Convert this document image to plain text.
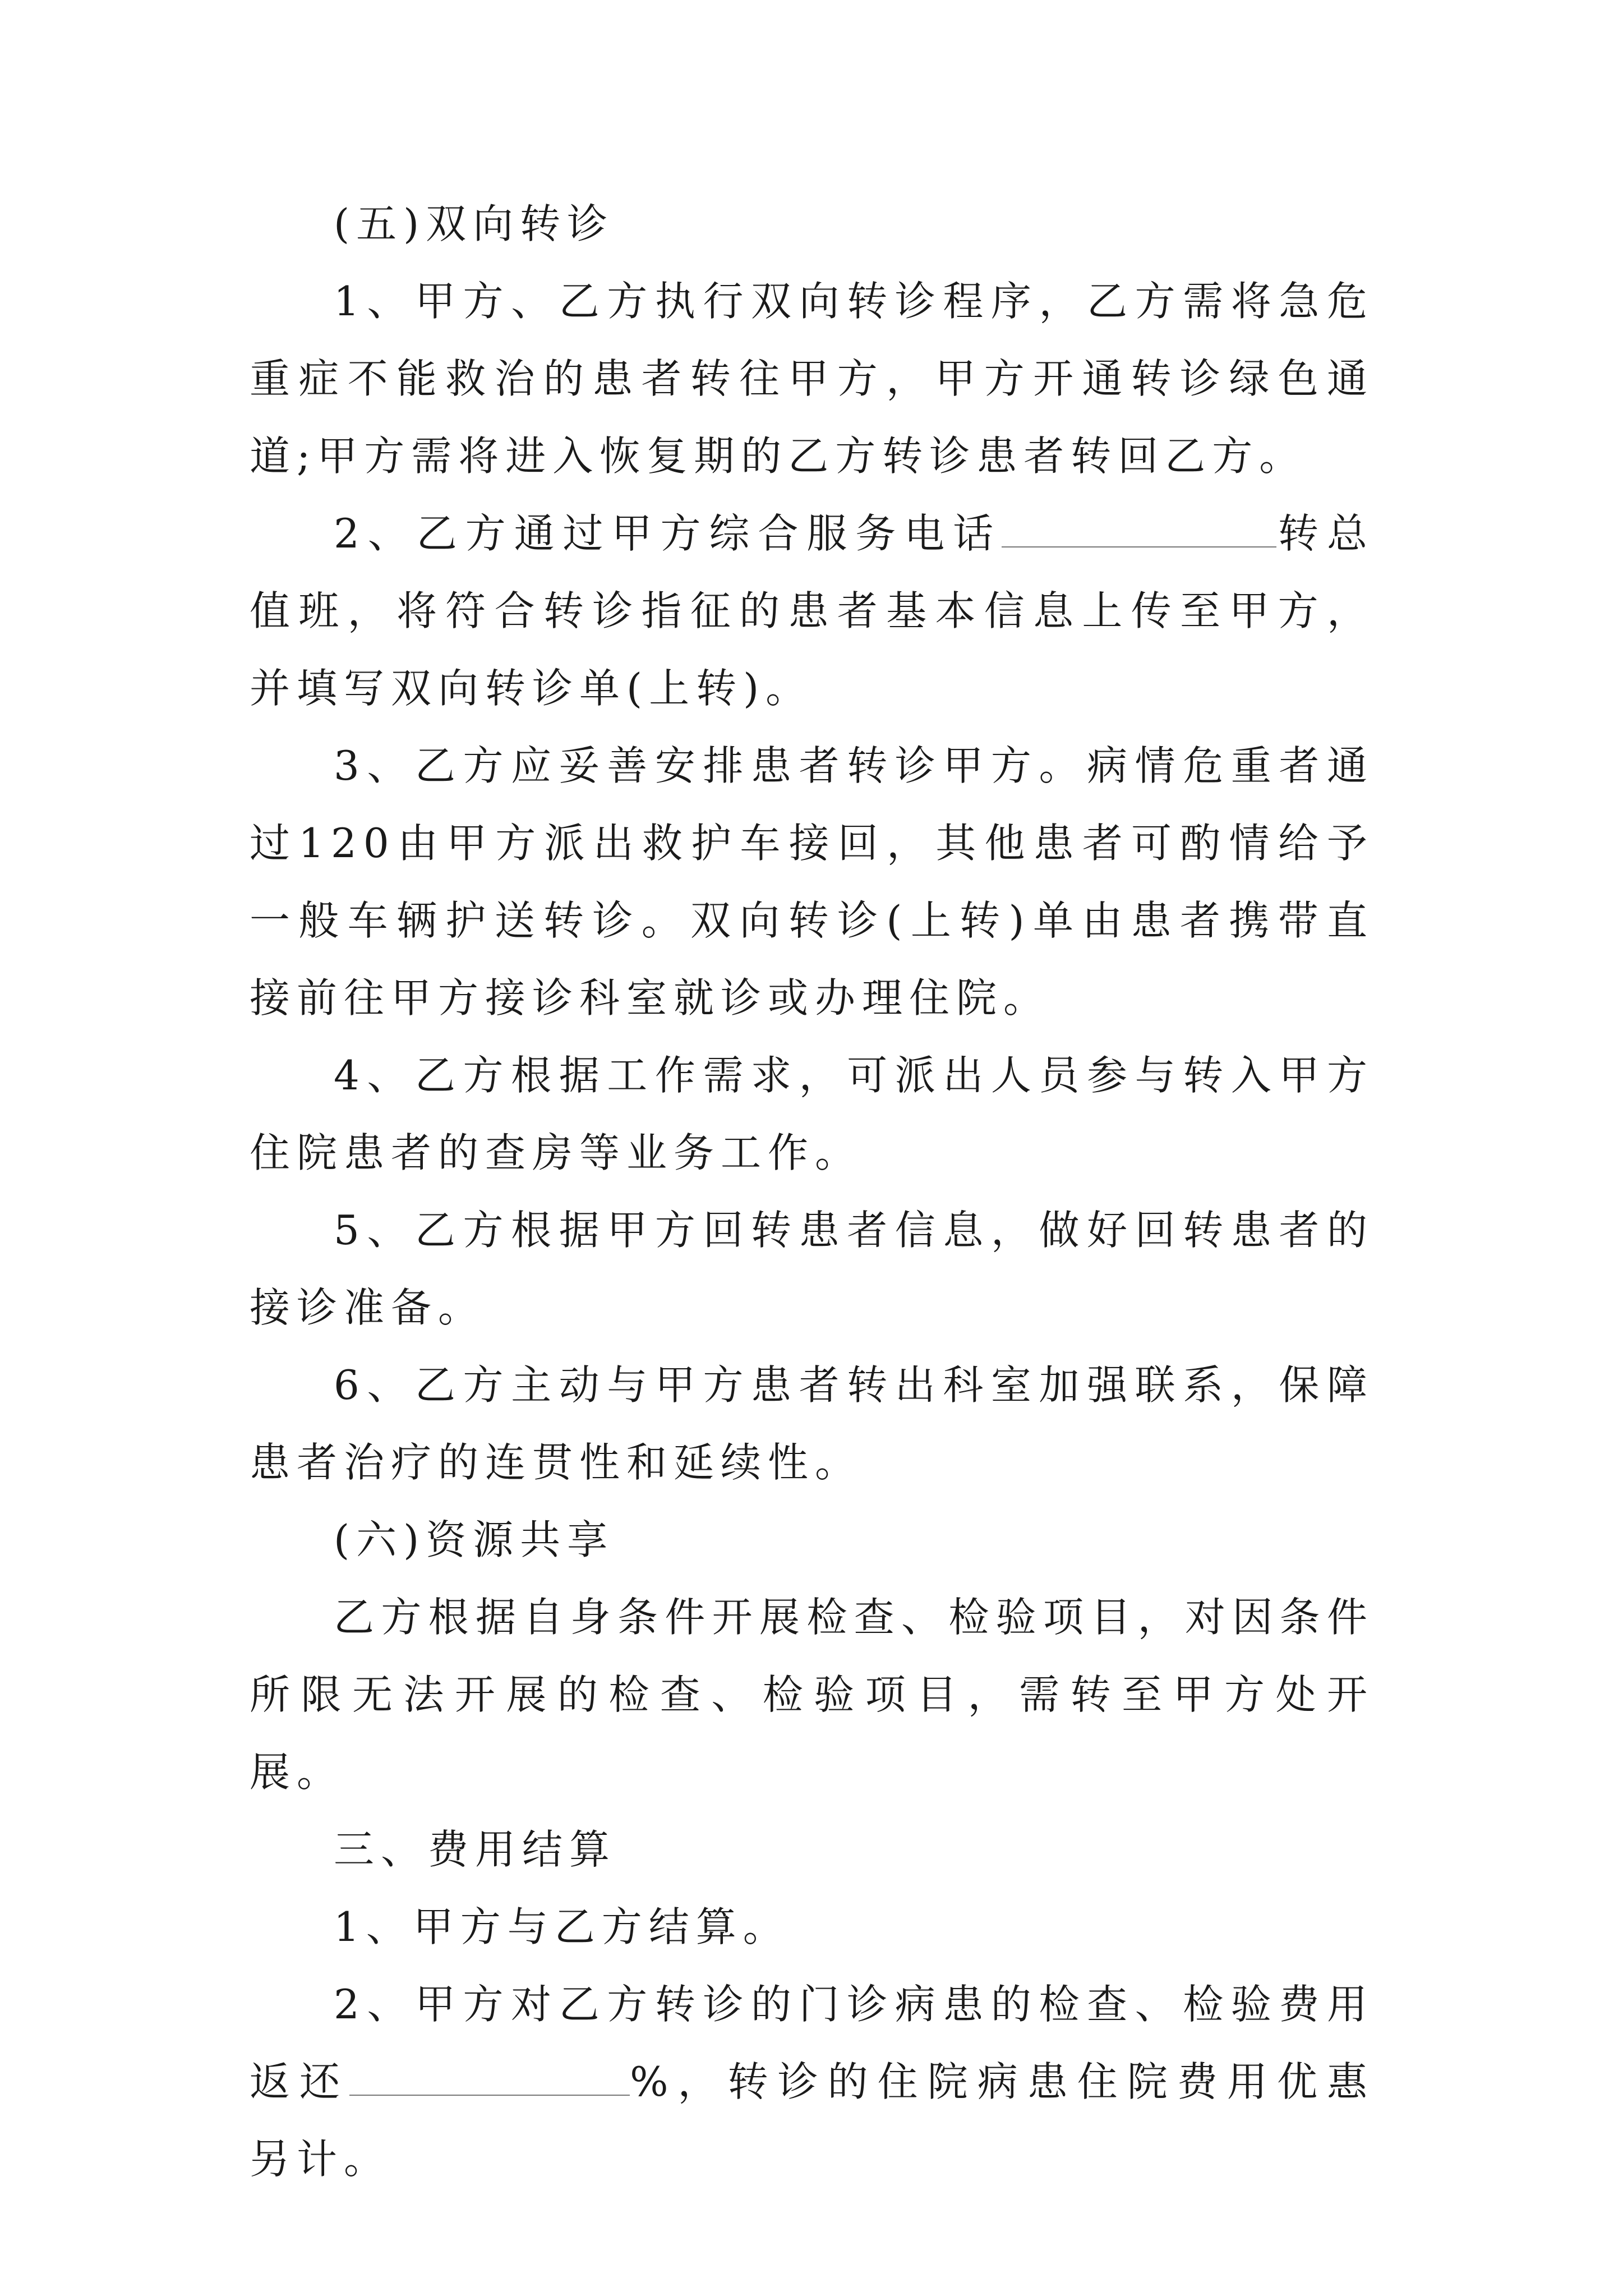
(五)双向转诊

1、甲方、乙方执行双向转诊程序，乙方需将急危重症不能救治的患者转往甲方，甲方开通转诊绿色通道;甲方需将进入恢复期的乙方转诊患者转回乙方。

2、乙方通过甲方综合服务电话	转总值班，将符合转诊指征的患者基本信息上传至甲方，并填写双向转诊单(上转)。

3、乙方应妥善安排患者转诊甲方。病情危重者通过120由甲方派出救护车接回，其他患者可酌情给予一般车辆护送转诊。双向转诊(上转)单由患者携带直接前往甲方接诊科室就诊或办理住院。

4、乙方根据工作需求，可派出人员参与转入甲方住院患者的查房等业务工作。

5、乙方根据甲方回转患者信息，做好回转患者的接诊准备。

6、乙方主动与甲方患者转出科室加强联系，保障患者治疗的连贯性和延续性。

(六)资源共享

乙方根据自身条件开展检查、检验项目，对因条件所限无法开展的检查、检验项目，需转至甲方处开展。

三、费用结算

1、甲方与乙方结算。

2、甲方对乙方转诊的门诊病患的检查、检验费用返还	%，转诊的住院病患住院费用优惠另计。
